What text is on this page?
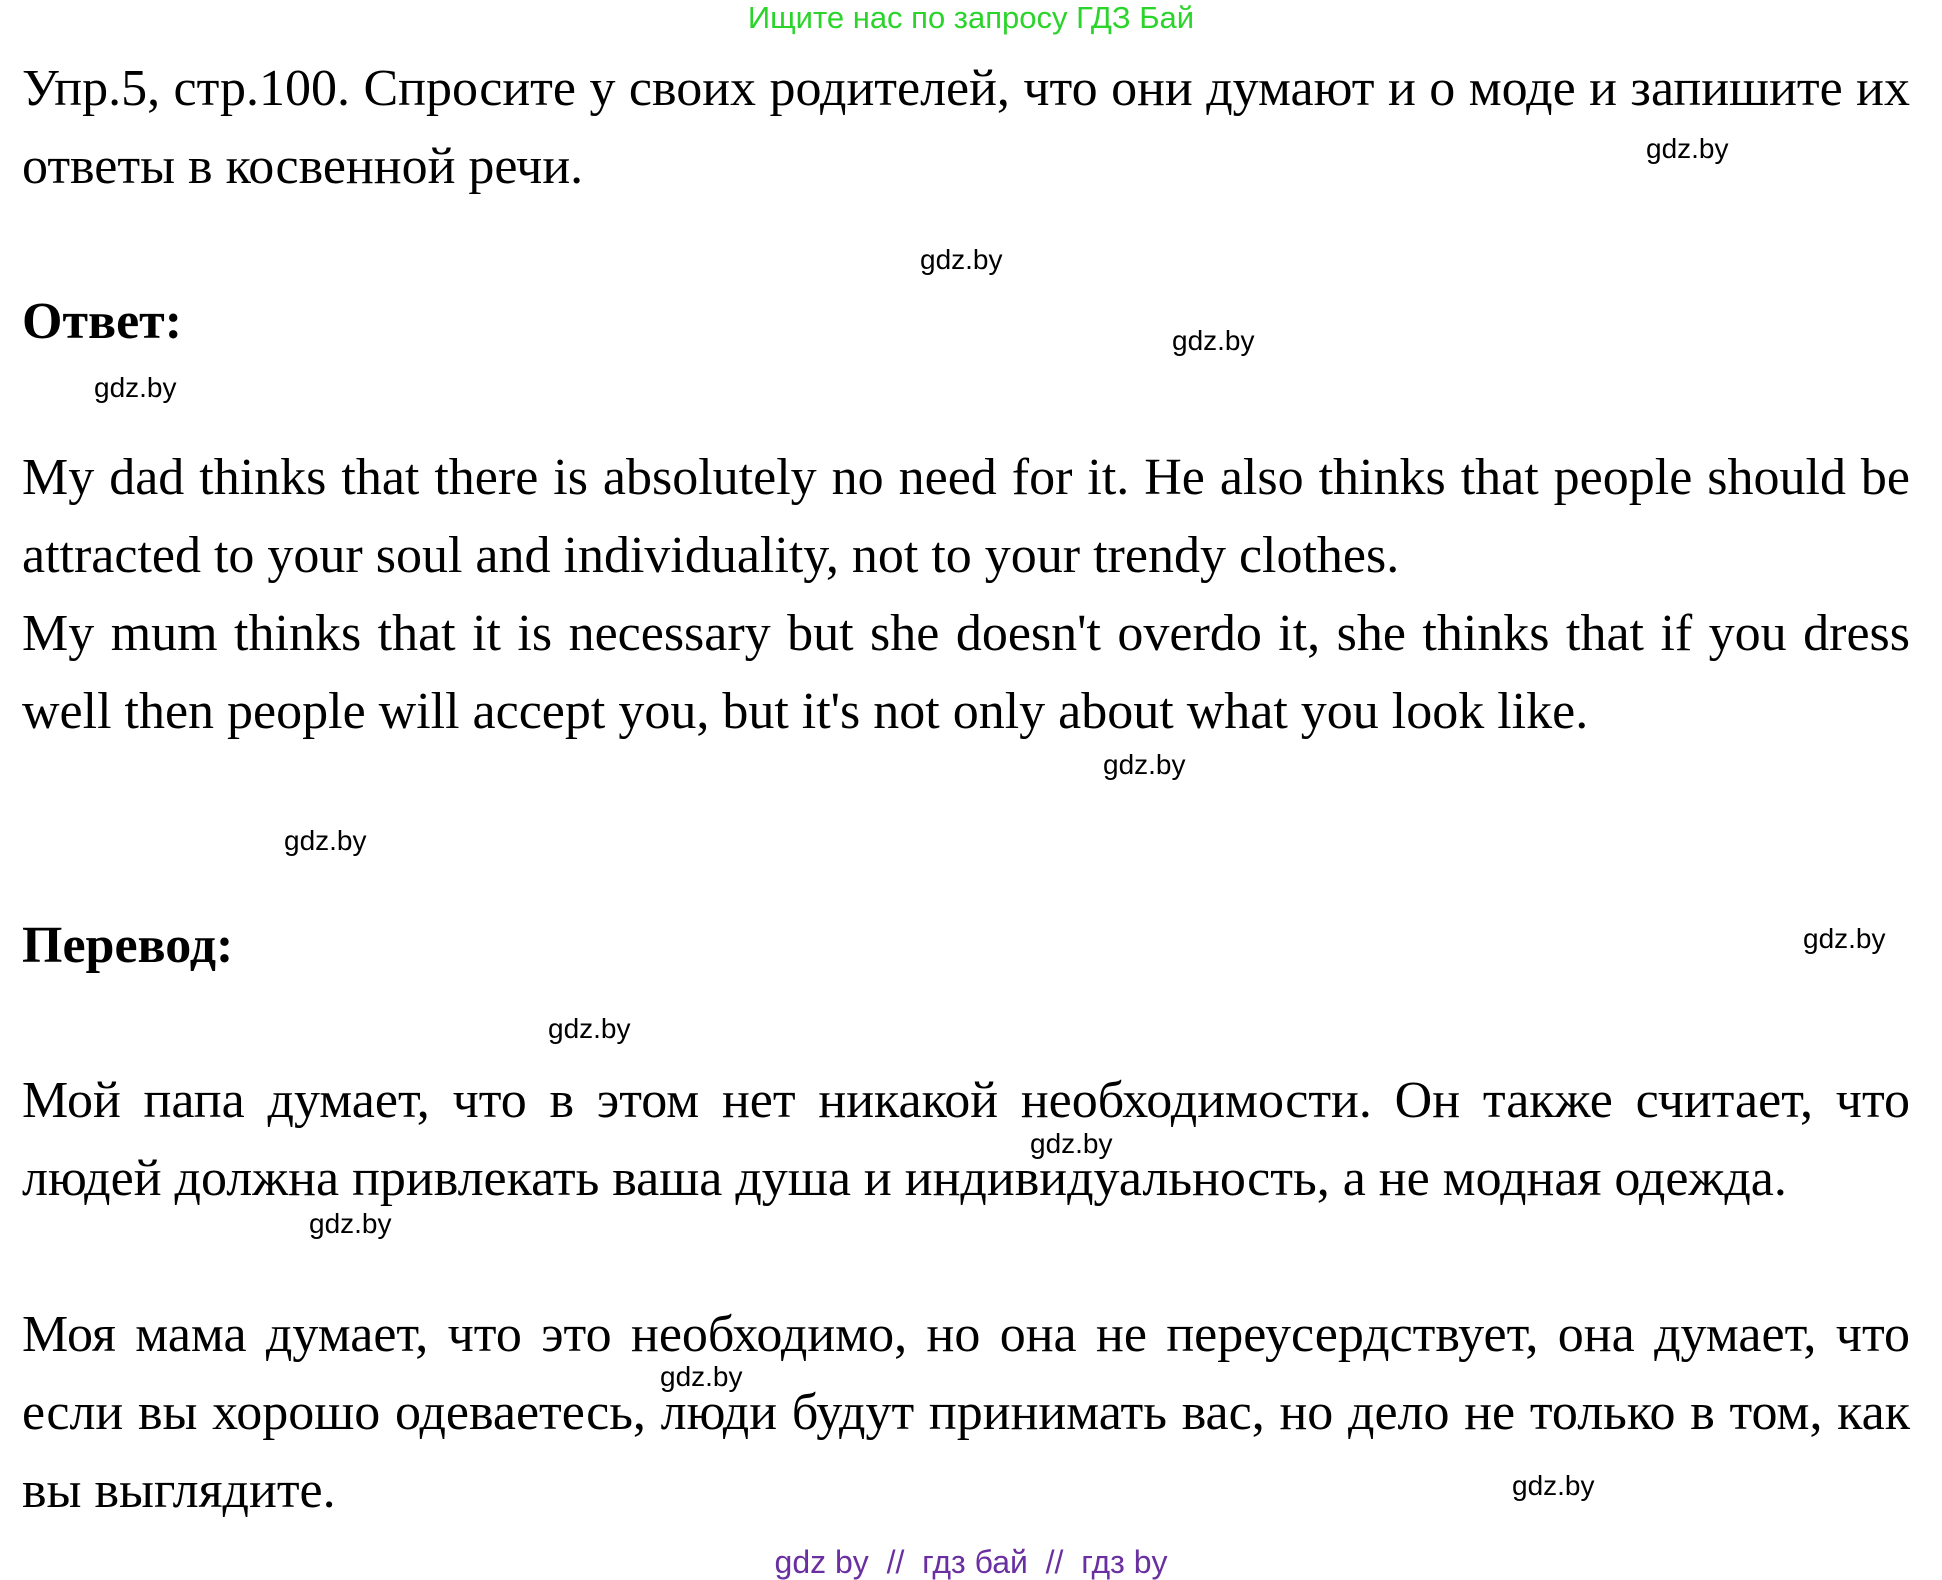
Ищите нас по запросу ГДЗ Бай
Упр.5, стр.100. Спросите у своих родителей, что они думают и о моде и запишите их ответы в косвенной речи.
Ответ:
My dad thinks that there is absolutely no need for it. He also thinks that people should be attracted to your soul and individuality, not to your trendy clothes.
My mum thinks that it is necessary but she doesn't overdo it, she thinks that if you dress well then people will accept you, but it's not only about what you look like.
Перевод:
Мой папа думает, что в этом нет никакой необходимости. Он также считает, что людей должна привлекать ваша душа и индивидуальность, а не модная одежда.
Моя мама думает, что это необходимо, но она не переусердствует, она думает, что если вы хорошо одеваетесь, люди будут принимать вас, но дело не только в том, как вы выглядите.
gdz.by
gdz.by
gdz.by
gdz.by
gdz.by
gdz.by
gdz.by
gdz.by
gdz.by
gdz.by
gdz.by
gdz.by
gdz by  //  гдз бай  //  гдз by
